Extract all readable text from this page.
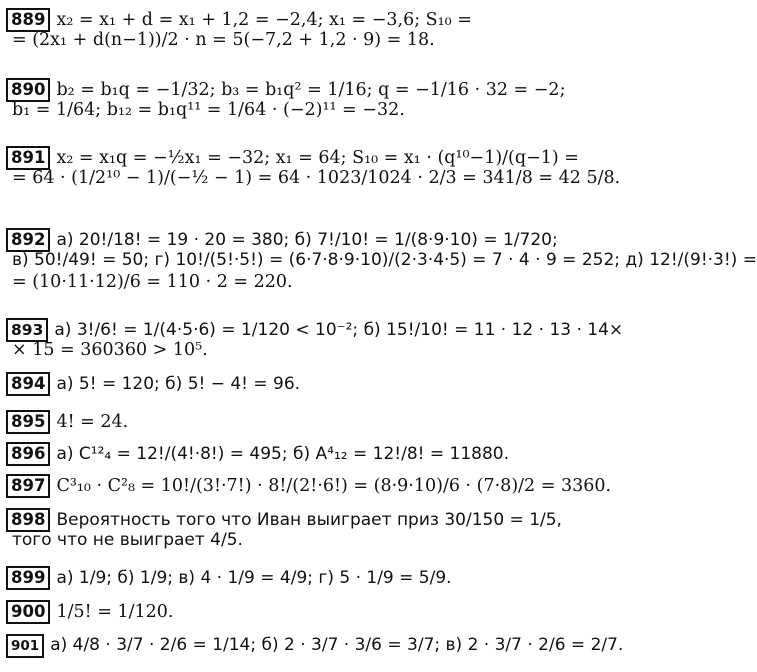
889 x₂ = x₁ + d = x₁ + 1,2 = −2,4; x₁ = −3,6; S₁₀ =
= (2x₁ + d(n−1))/2 · n = 5(−7,2 + 1,2 · 9) = 18.
890 b₂ = b₁q = −1/32; b₃ = b₁q² = 1/16; q = −1/16 · 32 = −2;
b₁ = 1/64; b₁₂ = b₁q¹¹ = 1/64 · (−2)¹¹ = −32.
891 x₂ = x₁q = −½x₁ = −32; x₁ = 64; S₁₀ = x₁ · (q¹⁰−1)/(q−1) =
= 64 · (1/2¹⁰ − 1)/(−½ − 1) = 64 · 1023/1024 · 2/3 = 341/8 = 42 5/8.
892 а) 20!/18! = 19 · 20 = 380; б) 7!/10! = 1/(8·9·10) = 1/720;
в) 50!/49! = 50; г) 10!/(5!·5!) = (6·7·8·9·10)/(2·3·4·5) = 7 · 4 · 9 = 252; д) 12!/(9!·3!) =
= (10·11·12)/6 = 110 · 2 = 220.
893 а) 3!/6! = 1/(4·5·6) = 1/120 < 10⁻²; б) 15!/10! = 11 · 12 · 13 · 14×
× 15 = 360360 > 10⁵.
894 а) 5! = 120; б) 5! − 4! = 96.
895 4! = 24.
896 а) C¹²₄ = 12!/(4!·8!) = 495; б) A⁴₁₂ = 12!/8! = 11880.
897 C³₁₀ · C²₈ = 10!/(3!·7!) · 8!/(2!·6!) = (8·9·10)/6 · (7·8)/2 = 3360.
898 Вероятность того что Иван выиграет приз 30/150 = 1/5,
того что не выиграет 4/5.
899 а) 1/9; б) 1/9; в) 4 · 1/9 = 4/9; г) 5 · 1/9 = 5/9.
900 1/5! = 1/120.
901 а) 4/8 · 3/7 · 2/6 = 1/14; б) 2 · 3/7 · 3/6 = 3/7; в) 2 · 3/7 · 2/6 = 2/7.
